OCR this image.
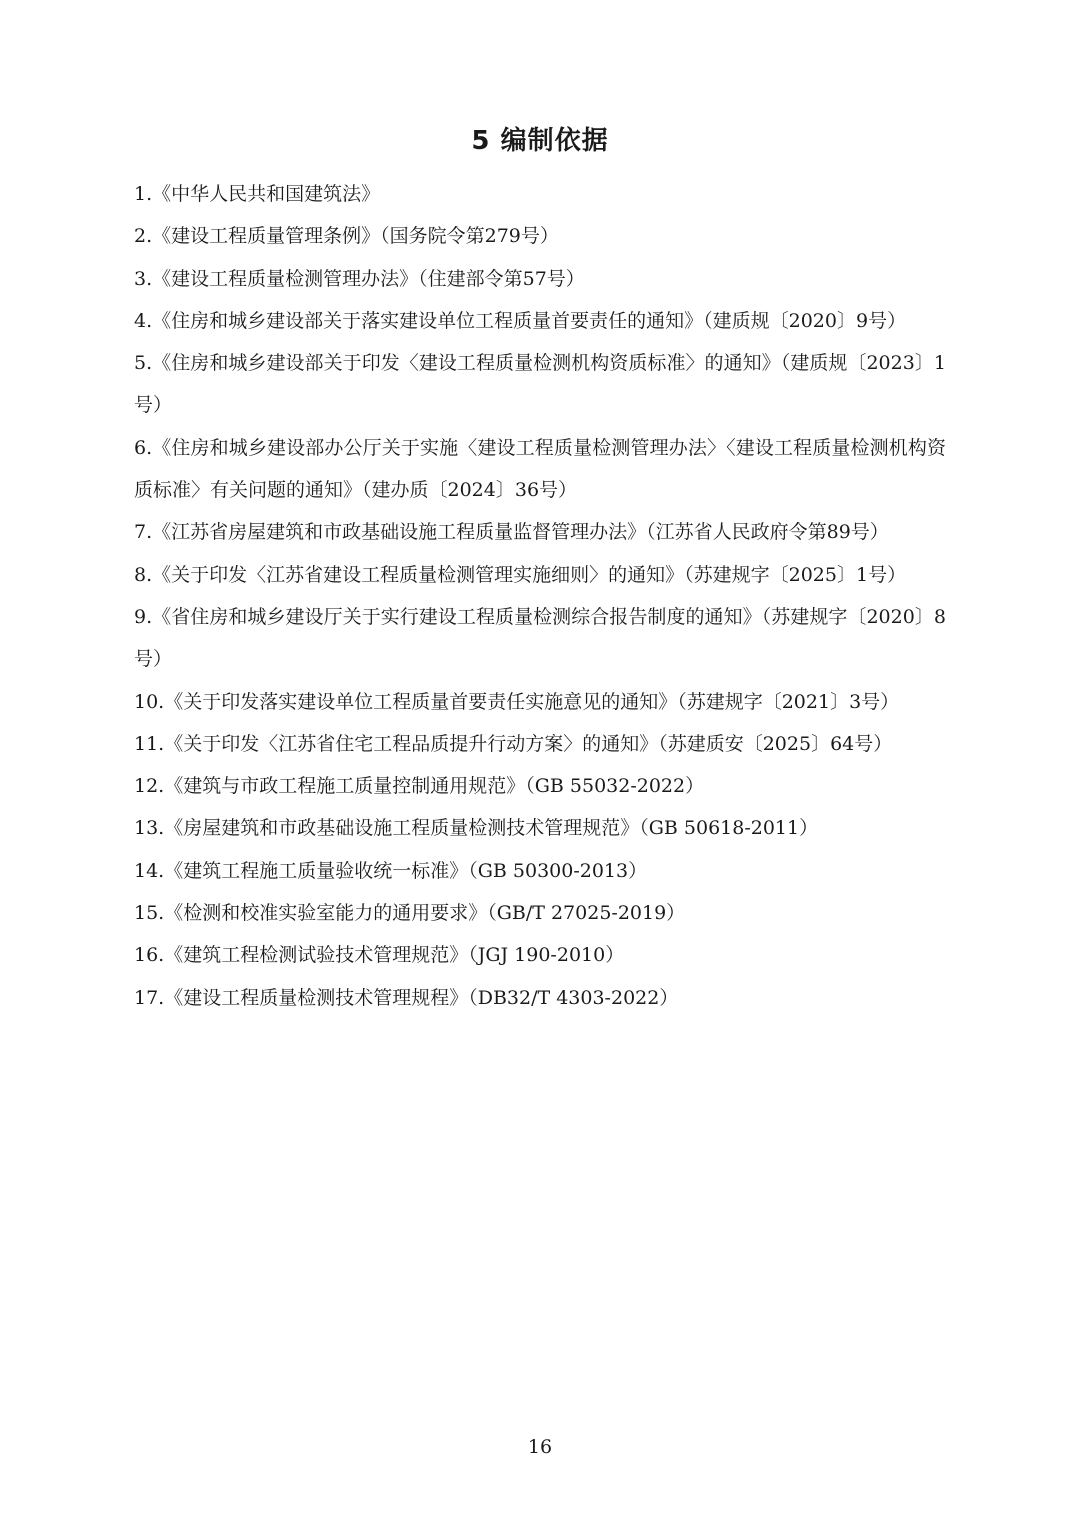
5 编制依据
1.《中华人民共和国建筑法》
2.《建设工程质量管理条例》（国务院令第279号）
3.《建设工程质量检测管理办法》（住建部令第57号）
4.《住房和城乡建设部关于落实建设单位工程质量首要责任的通知》（建质规〔2020〕9号）
5.《住房和城乡建设部关于印发〈建设工程质量检测机构资质标准〉的通知》（建质规〔2023〕1号）
6.《住房和城乡建设部办公厅关于实施〈建设工程质量检测管理办法〉〈建设工程质量检测机构资质标准〉有关问题的通知》（建办质〔2024〕36号）
7.《江苏省房屋建筑和市政基础设施工程质量监督管理办法》（江苏省人民政府令第89号）
8.《关于印发〈江苏省建设工程质量检测管理实施细则〉的通知》（苏建规字〔2025〕1号）
9.《省住房和城乡建设厅关于实行建设工程质量检测综合报告制度的通知》（苏建规字〔2020〕8号）
10.《关于印发落实建设单位工程质量首要责任实施意见的通知》（苏建规字〔2021〕3号）
11.《关于印发〈江苏省住宅工程品质提升行动方案〉的通知》（苏建质安〔2025〕64号）
12.《建筑与市政工程施工质量控制通用规范》（GB 55032-2022）
13.《房屋建筑和市政基础设施工程质量检测技术管理规范》（GB 50618-2011）
14.《建筑工程施工质量验收统一标准》（GB 50300-2013）
15.《检测和校准实验室能力的通用要求》（GB/T 27025-2019）
16.《建筑工程检测试验技术管理规范》（JGJ 190-2010）
17.《建设工程质量检测技术管理规程》（DB32/T 4303-2022）
16
